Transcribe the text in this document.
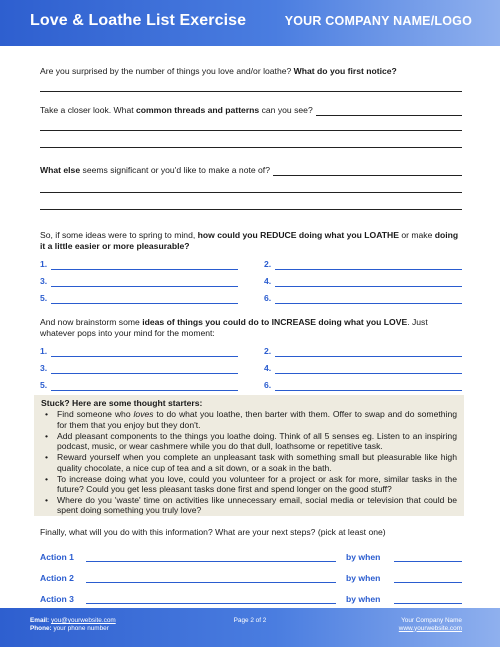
Love & Loathe List Exercise	YOUR COMPANY NAME/LOGO
Are you surprised by the number of things you love and/or loathe? What do you first notice?
Take a closer look. What common threads and patterns can you see?
What else seems significant or you'd like to make a note of?
So, if some ideas were to spring to mind, how could you REDUCE doing what you LOATHE or make doing it a little easier or more pleasurable?
1.
3.
5.
2.
4.
6.
And now brainstorm some ideas of things you could do to INCREASE doing what you LOVE. Just whatever pops into your mind for the moment:
1.
3.
5.
2.
4.
6.
Stuck? Here are some thought starters:
• Find someone who loves to do what you loathe, then barter with them. Offer to swap and do something for them that you enjoy but they don't.
• Add pleasant components to the things you loathe doing. Think of all 5 senses eg. Listen to an inspiring podcast, music, or wear cashmere while you do that dull, loathsome or repetitive task.
• Reward yourself when you complete an unpleasant task with something small but pleasurable like high quality chocolate, a nice cup of tea and a sit down, or a soak in the bath.
• To increase doing what you love, could you volunteer for a project or ask for more, similar tasks in the future? Could you get less pleasant tasks done first and spend longer on the good stuff?
• Where do you 'waste' time on activities like unnecessary email, social media or television that could be spent doing something you truly love?
Finally, what will you do with this information? What are your next steps? (pick at least one)
Action 1	by when
Action 2	by when
Action 3	by when
Page 2 of 2
Email: you@yourwebsite.com
Phone: your phone number
Your Company Name
www.yourwebsite.com
